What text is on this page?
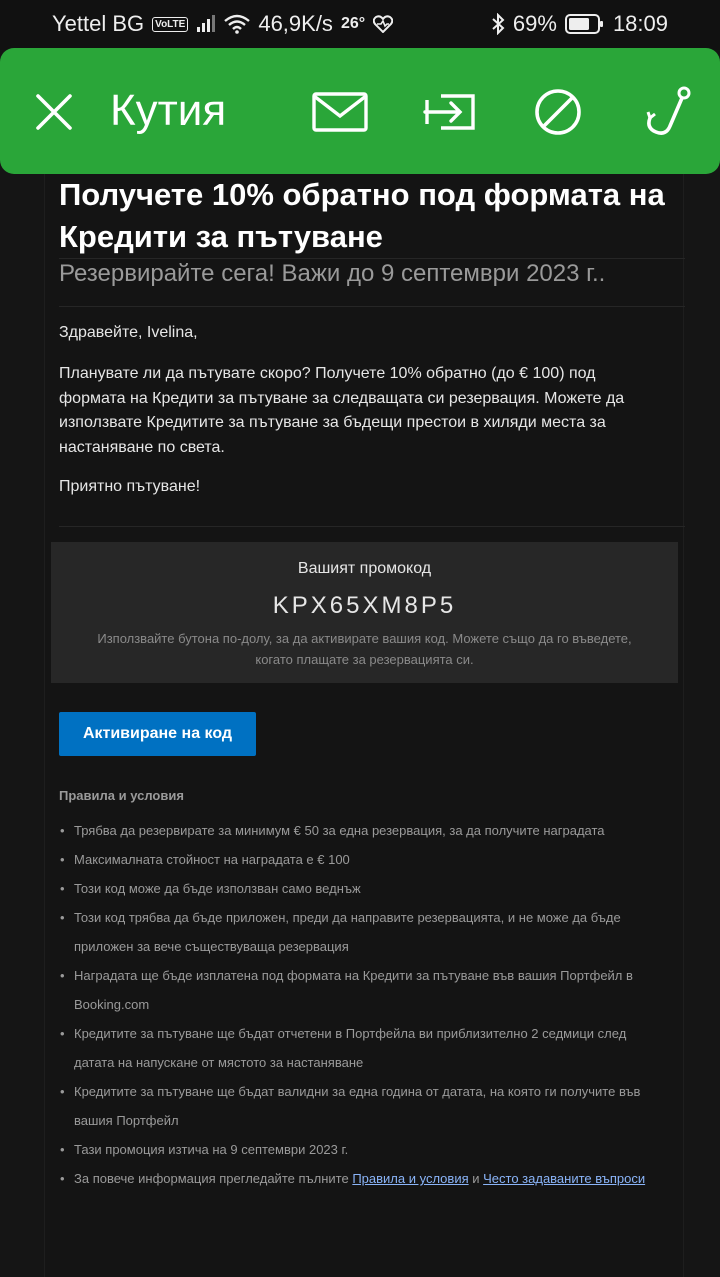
Yettel BG	VoLTE	46,9K/s 26°	69%	18:09
Кутия
Получете 10% обратно под формата на Кредити за пътуване
Резервирайте сега! Важи до 9 септември 2023 г..
Здравейте, Ivelina,
Планувате ли да пътувате скоро? Получете 10% обратно (до € 100) под формата на Кредити за пътуване за следващата си резервация. Можете да използвате Кредитите за пътуване за бъдещи престои в хиляди места за настаняване по света.
Приятно пътуване!
Вашият промокод
KPX65XM8P5
Използвайте бутона по-долу, за да активирате вашия код. Можете също да го въведете, когато плащате за резервацията си.
Активиране на код
Правила и условия
• Трябва да резервирате за минимум € 50 за една резервация, за да получите наградата
• Максималната стойност на наградата е € 100
• Този код може да бъде използван само веднъж
• Този код трябва да бъде приложен, преди да направите резервацията, и не може да бъде приложен за вече съществуваща резервация
• Наградата ще бъде изплатена под формата на Кредити за пътуване във вашия Портфейл в Booking.com
• Кредитите за пътуване ще бъдат отчетени в Портфейла ви приблизително 2 седмици след датата на напускане от мястото за настаняване
• Кредитите за пътуване ще бъдат валидни за една година от датата, на която ги получите във вашия Портфейл
• Тази промоция изтича на 9 септември 2023 г.
• За повече информация прегледайте пълните Правила и условия и Често задаваните въпроси
